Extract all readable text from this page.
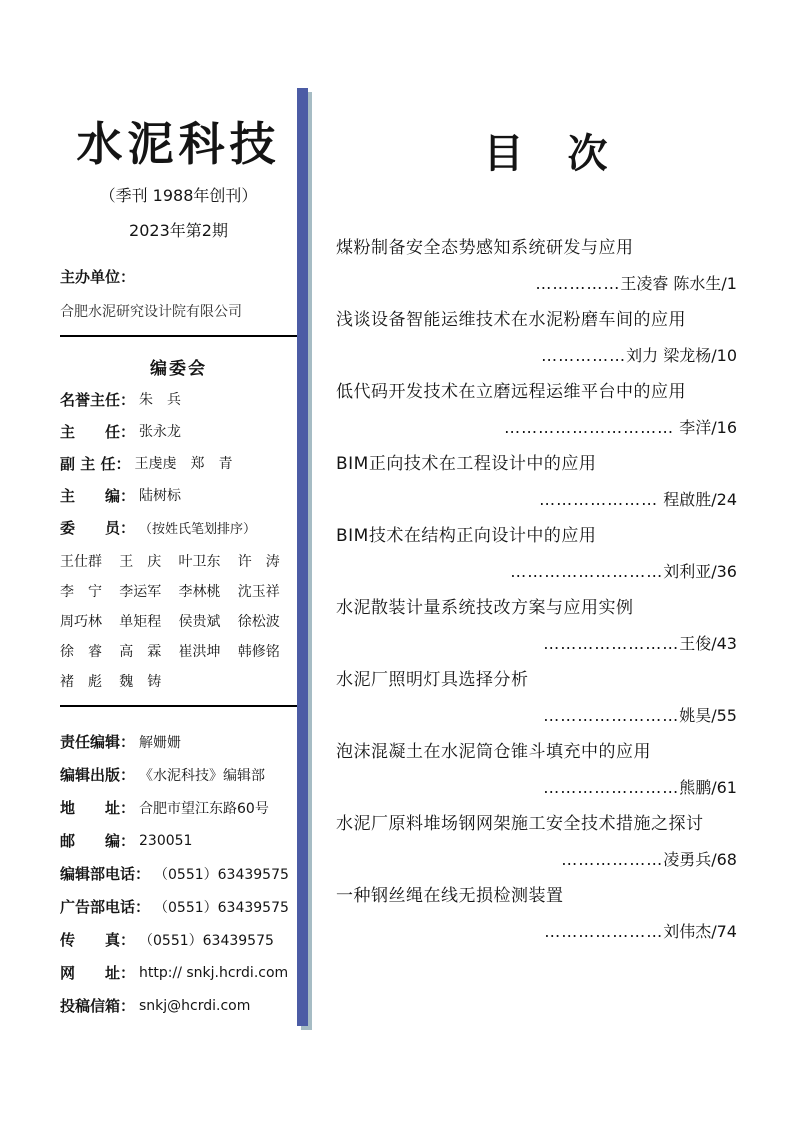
水泥科技
（季刊 1988年创刊）
2023年第2期
主办单位：
合肥水泥研究设计院有限公司
编委会
名誉主任： 朱　兵
主　　任： 张永龙
副 主 任： 王虔虔　郑　青
主　　编： 陆树标
委　　员： （按姓氏笔划排序）
王仕群	王　庆	叶卫东	许　涛
李　宁	李运军	李林桃	沈玉祥
周巧林	单矩程	侯贵斌	徐松波
徐　睿	高　霖	崔洪坤	韩修铭
褚　彪	魏　铸
责任编辑： 解姗姗
编辑出版： 《水泥科技》编辑部
地　　址： 合肥市望江东路60号
邮　　编： 230051
编辑部电话： （0551）63439575
广告部电话： （0551）63439575
传　　真： （0551）63439575
网　　址： http:// snkj.hcrdi.com
投稿信箱： snkj@hcrdi.com
目　次
煤粉制备安全态势感知系统研发与应用
……………王凌睿 陈水生/1
浅谈设备智能运维技术在水泥粉磨车间的应用
……………刘力 梁龙杨/10
低代码开发技术在立磨远程运维平台中的应用
………………………… 李洋/16
BIM正向技术在工程设计中的应用
………………… 程啟胜/24
BIM技术在结构正向设计中的应用
………………………刘利亚/36
水泥散装计量系统技改方案与应用实例
……………………王俊/43
水泥厂照明灯具选择分析
……………………姚昊/55
泡沫混凝土在水泥筒仓锥斗填充中的应用
……………………熊鹏/61
水泥厂原料堆场钢网架施工安全技术措施之探讨
………………凌勇兵/68
一种钢丝绳在线无损检测装置
…………………刘伟杰/74
